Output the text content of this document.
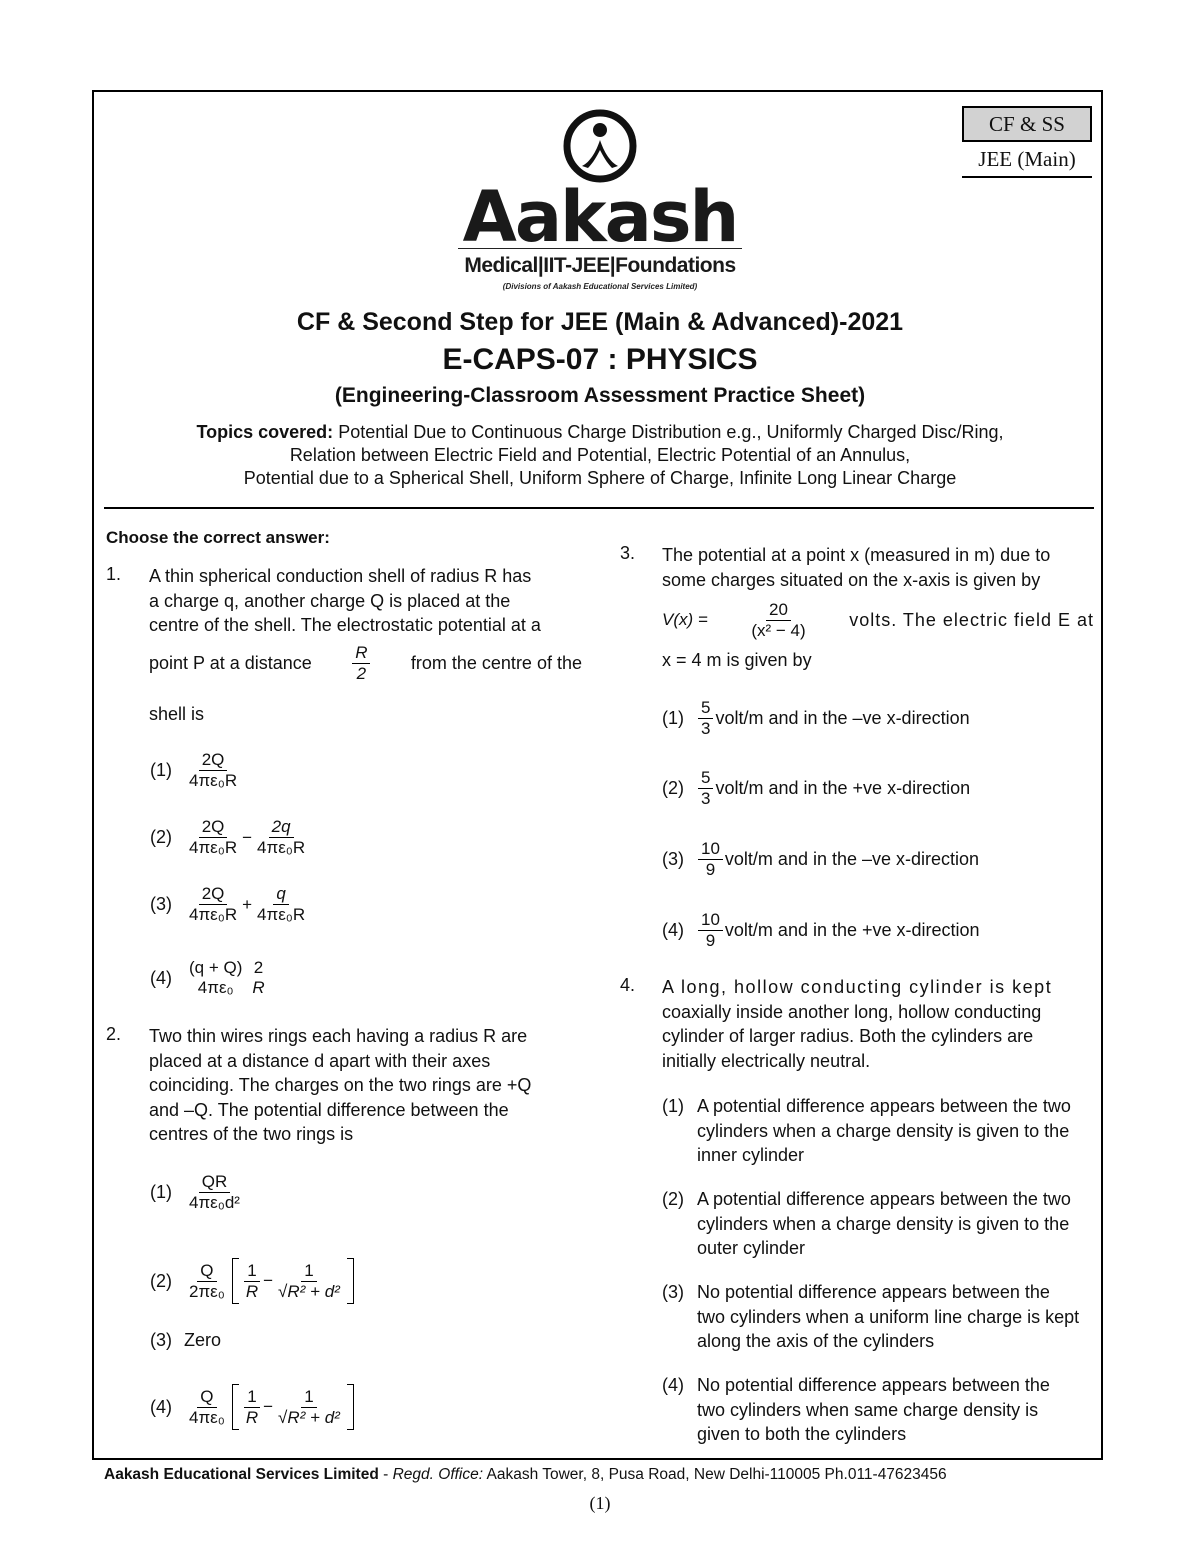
CF & SS
JEE (Main)
Aakash
Medical|IIT-JEE|Foundations
(Divisions of Aakash Educational Services Limited)
CF & Second Step for JEE (Main & Advanced)-2021
E-CAPS-07 : PHYSICS
(Engineering-Classroom Assessment Practice Sheet)
Topics covered: Potential Due to Continuous Charge Distribution e.g., Uniformly Charged Disc/Ring,
Relation between Electric Field and Potential, Electric Potential of an Annulus,
Potential due to a Spherical Shell, Uniform Sphere of Charge, Infinite Long Linear Charge
Choose the correct answer:
1. A thin spherical conduction shell of radius R has
a charge q, another charge Q is placed at the
centre of the shell. The electrostatic potential at a
point P at a distance $\frac{R}{2}$ from the centre of the
shell is
$(1) \frac{2Q}{\text{4πε₀R}}$
$(2) \frac{2Q}{\text{4πε₀R}} - \frac{2q}{\text{4πε₀R}}$
$(3) \frac{2Q}{\text{4πε₀R}} + \frac{q}{\text{4πε₀R}}$
(4)	(q + Q)
4πε₀
2
R
2. Two thin wires rings each having a radius R are
placed at a distance d apart with their axes
coinciding. The charges on the two rings are +Q
and –Q. The potential difference between the
centres of the two rings is
$(1) \frac{QR}{\text{4πε₀d²}}$
$(2) \frac{Q}{\text{2πε₀}} \frac{1}{R} - \frac{1}{\text{√R² + d²}}$
(3) Zero
$(4) \frac{Q}{\text{4πε₀}} \frac{1}{R} - \frac{1}{\text{√R² + d²}}$
3. The potential at a point x (measured in m) due to
some charges situated on the x-axis is given by
$V(x) = \frac{20}{\text{(x² − 4)}}$ volts. The electric field E at
x = 4 m is given by
$(1) \frac{5}{3}$ volt/m and in the –ve x-direction
$(2) \frac{5}{3}$ volt/m and in the +ve x-direction
$(3) \frac{10}{9}$ volt/m and in the –ve x-direction
$(4) \frac{10}{9}$ volt/m and in the +ve x-direction
4. A long, hollow conducting cylinder is kept
coaxially inside another long, hollow conducting
cylinder of larger radius. Both the cylinders are
initially electrically neutral.
(1) A potential difference appears between the two
cylinders when a charge density is given to the
inner cylinder
(2) A potential difference appears between the two
cylinders when a charge density is given to the
outer cylinder
(3) No potential difference appears between the
two cylinders when a uniform line charge is kept
along the axis of the cylinders
(4) No potential difference appears between the
two cylinders when same charge density is
given to both the cylinders
Aakash Educational Services Limited - Regd. Office: Aakash Tower, 8, Pusa Road, New Delhi-110005 Ph.011-47623456
(1)
